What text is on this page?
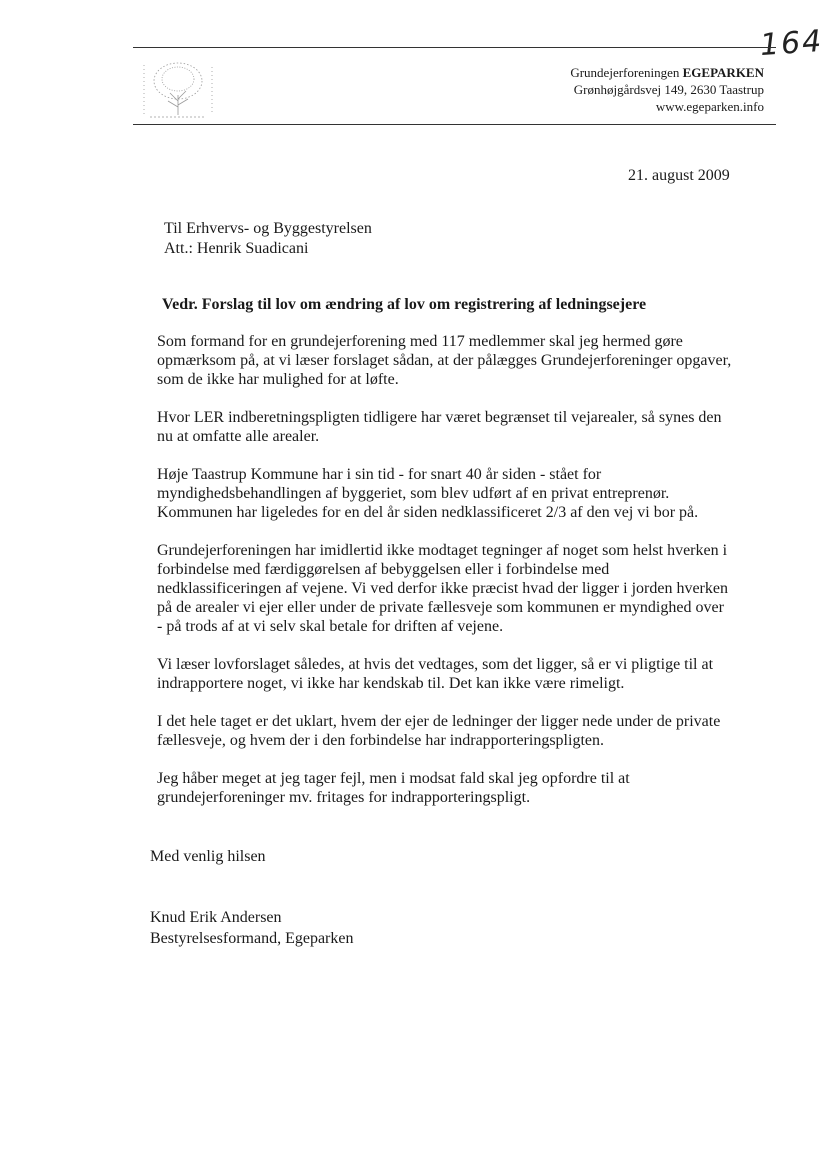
164
Grundejerforeningen EGEPARKEN
Grønhøjgårdsvej 149, 2630 Taastrup
www.egeparken.info
21. august 2009
Til Erhvervs- og Byggestyrelsen
Att.: Henrik Suadicani
Vedr. Forslag til lov om ændring af lov om registrering af ledningsejere

Som formand for en grundejerforening med 117 medlemmer skal jeg hermed gøre opmærksom på, at vi læser forslaget sådan, at der pålægges Grundejerforeninger opgaver, som de ikke har mulighed for at løfte.

Hvor LER indberetningspligten tidligere har været begrænset til vejarealer, så synes den nu at omfatte alle arealer.

Høje Taastrup Kommune har i sin tid - for snart 40 år siden - stået for myndighedsbehandlingen af byggeriet, som blev udført af en privat entreprenør. Kommunen har ligeledes for en del år siden nedklassificeret 2/3 af den vej vi bor på.

Grundejerforeningen har imidlertid ikke modtaget tegninger af noget som helst hverken i forbindelse med færdiggørelsen af bebyggelsen eller i forbindelse med nedklassificeringen af vejene. Vi ved derfor ikke præcist hvad der ligger i jorden hverken på de arealer vi ejer eller under de private fællesveje som kommunen er myndighed over - på trods af at vi selv skal betale for driften af vejene.

Vi læser lovforslaget således, at hvis det vedtages, som det ligger, så er vi pligtige til at indrapportere noget, vi ikke har kendskab til. Det kan ikke være rimeligt.

I det hele taget er det uklart, hvem der ejer de ledninger der ligger nede under de private fællesveje, og hvem der i den forbindelse har indrapporteringspligten.

Jeg håber meget at jeg tager fejl, men i modsat fald skal jeg opfordre til at grundejerforeninger mv. fritages for indrapporteringspligt.

Med venlig hilsen
Knud Erik Andersen
Bestyrelsesformand, Egeparken
